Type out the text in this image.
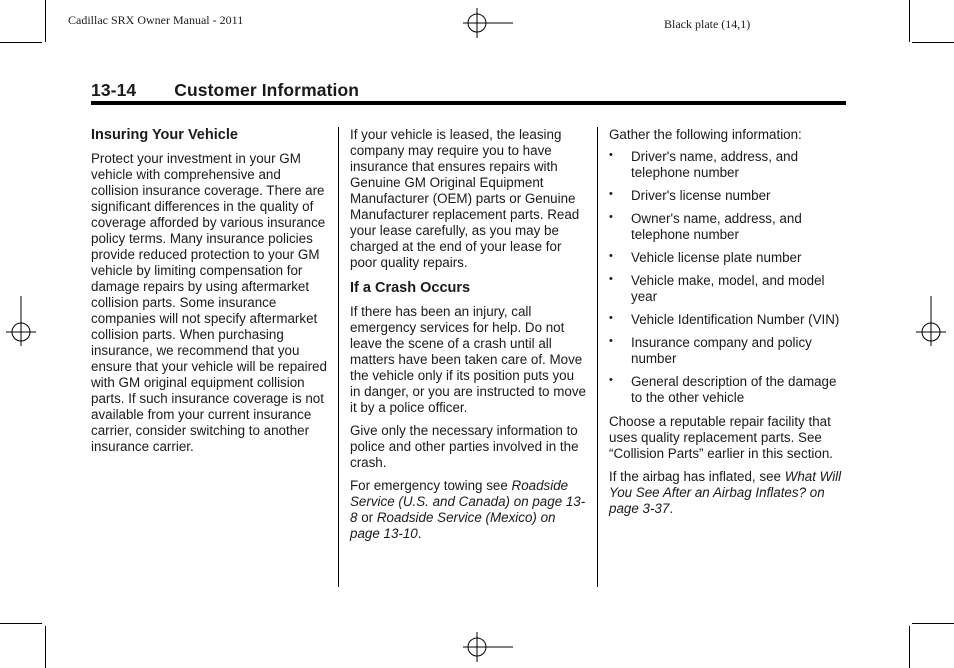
Cadillac SRX Owner Manual - 2011	Black plate (14,1)
13-14 Customer Information
Insuring Your Vehicle

Protect your investment in your GM vehicle with comprehensive and collision insurance coverage. There are significant differences in the quality of coverage afforded by various insurance policy terms. Many insurance policies provide reduced protection to your GM vehicle by limiting compensation for damage repairs by using aftermarket collision parts. Some insurance companies will not specify aftermarket collision parts. When purchasing insurance, we recommend that you ensure that your vehicle will be repaired with GM original equipment collision parts. If such insurance coverage is not available from your current insurance carrier, consider switching to another insurance carrier.

If your vehicle is leased, the leasing company may require you to have insurance that ensures repairs with Genuine GM Original Equipment Manufacturer (OEM) parts or Genuine Manufacturer replacement parts. Read your lease carefully, as you may be charged at the end of your lease for poor quality repairs.

If a Crash Occurs

If there has been an injury, call emergency services for help. Do not leave the scene of a crash until all matters have been taken care of. Move the vehicle only if its position puts you in danger, or you are instructed to move it by a police officer.

Give only the necessary information to police and other parties involved in the crash.

For emergency towing see Roadside Service (U.S. and Canada) on page 13-8 or Roadside Service (Mexico) on page 13-10.

Gather the following information:

• Driver's name, address, and telephone number
• Driver's license number
• Owner's name, address, and telephone number
• Vehicle license plate number
• Vehicle make, model, and model year
• Vehicle Identification Number (VIN)
• Insurance company and policy number
• General description of the damage to the other vehicle

Choose a reputable repair facility that uses quality replacement parts. See “Collision Parts” earlier in this section.

If the airbag has inflated, see What Will You See After an Airbag Inflates? on page 3-37.
